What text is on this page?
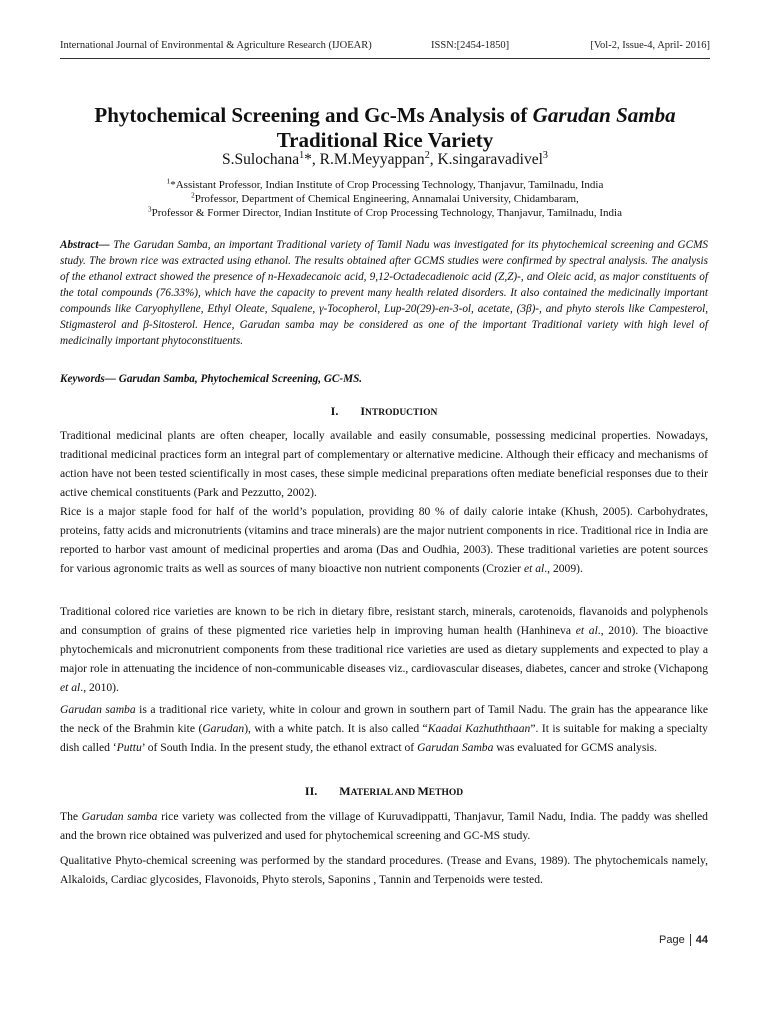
International Journal of Environmental & Agriculture Research (IJOEAR)	ISSN:[2454-1850]	[Vol-2, Issue-4, April- 2016]
Phytochemical Screening and Gc-Ms Analysis of Garudan Samba
Traditional Rice Variety
S.Sulochana$^1$*, R.M.Meyyappan$^2$, K.singaravadivel$^3$
$^1$*Assistant Professor, Indian Institute of Crop Processing Technology, Thanjavur, Tamilnadu, India
$^2$Professor, Department of Chemical Engineering, Annamalai University, Chidambaram,
$^3$Professor & Former Director, Indian Institute of Crop Processing Technology, Thanjavur, Tamilnadu, India
Abstract— The Garudan Samba, an important Traditional variety of Tamil Nadu was investigated for its phytochemical screening and GCMS study. The brown rice was extracted using ethanol. The results obtained after GCMS studies were confirmed by spectral analysis. The analysis of the ethanol extract showed the presence of n-Hexadecanoic acid, 9,12-Octadecadienoic acid (Z,Z)-, and Oleic acid, as major constituents of the total compounds (76.33%), which have the capacity to prevent many health related disorders. It also contained the medicinally important compounds like Caryophyllene, Ethyl Oleate, Squalene, γ-Tocopherol, Lup-20(29)-en-3-ol, acetate, (3β)-, and phyto sterols like Campesterol, Stigmasterol and β-Sitosterol. Hence, Garudan samba may be considered as one of the important Traditional variety with high level of medicinally important phytoconstituents.
Keywords— Garudan Samba, Phytochemical Screening, GC-MS.
I. INTRODUCTION
Traditional medicinal plants are often cheaper, locally available and easily consumable, possessing medicinal properties. Nowadays, traditional medicinal practices form an integral part of complementary or alternative medicine. Although their efficacy and mechanisms of action have not been tested scientifically in most cases, these simple medicinal preparations often mediate beneficial responses due to their active chemical constituents (Park and Pezzutto, 2002).
Rice is a major staple food for half of the world’s population, providing 80 % of daily calorie intake (Khush, 2005). Carbohydrates, proteins, fatty acids and micronutrients (vitamins and trace minerals) are the major nutrient components in rice. Traditional rice in India are reported to harbor vast amount of medicinal properties and aroma (Das and Oudhia, 2003). These traditional varieties are potent sources for various agronomic traits as well as sources of many bioactive non nutrient components (Crozier et al., 2009).
Traditional colored rice varieties are known to be rich in dietary fibre, resistant starch, minerals, carotenoids, flavanoids and polyphenols and consumption of grains of these pigmented rice varieties help in improving human health (Hanhineva et al., 2010). The bioactive phytochemicals and micronutrient components from these traditional rice varieties are used as dietary supplements and expected to play a major role in attenuating the incidence of non-communicable diseases viz., cardiovascular diseases, diabetes, cancer and stroke (Vichapong et al., 2010).
Garudan samba is a traditional rice variety, white in colour and grown in southern part of Tamil Nadu. The grain has the appearance like the neck of the Brahmin kite (Garudan), with a white patch. It is also called “Kaadai Kazhuththaan”. It is suitable for making a specialty dish called ‘Puttu’ of South India. In the present study, the ethanol extract of Garudan Samba was evaluated for GCMS analysis.
II. MATERIAL AND METHOD
The Garudan samba rice variety was collected from the village of Kuruvadippatti, Thanjavur, Tamil Nadu, India. The paddy was shelled and the brown rice obtained was pulverized and used for phytochemical screening and GC-MS study.
Qualitative Phyto-chemical screening was performed by the standard procedures. (Trease and Evans, 1989). The phytochemicals namely, Alkaloids, Cardiac glycosides, Flavonoids, Phyto sterols, Saponins , Tannin and Terpenoids were tested.
Page 44
